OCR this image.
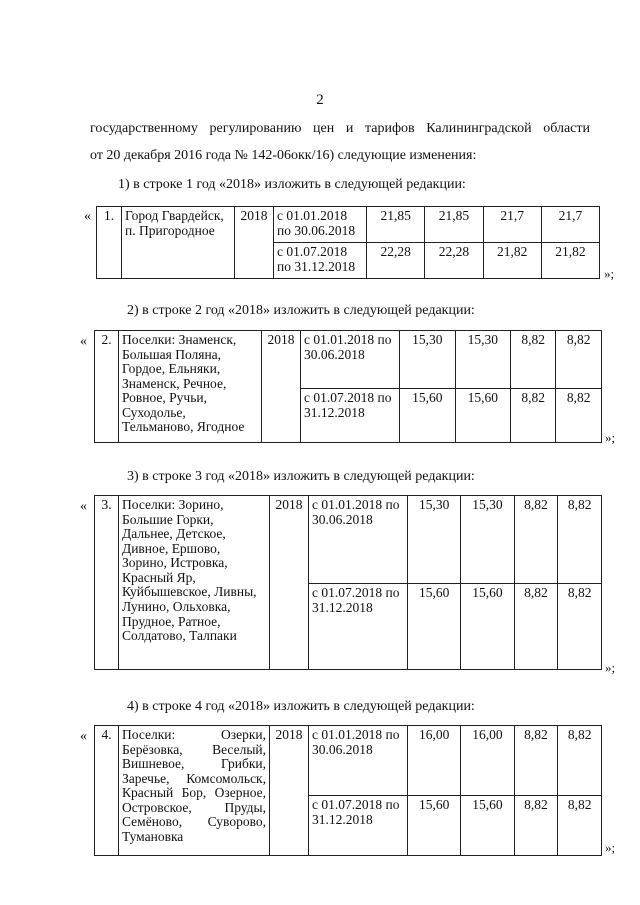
2
государственному регулированию цен и тарифов Калининградской области
от 20 декабря 2016 года № 142-06окк/16) следующие изменения:
1) в строке 1 год «2018» изложить в следующей редакции:
« 1.	Город Гвардейск, п. Пригородное	2018	с 01.01.2018 по 30.06.2018	21,85	21,85	21,7	21,7
			с 01.07.2018 по 31.12.2018	22,28	22,28	21,82	21,82
»;
2) в строке 2 год «2018» изложить в следующей редакции:
« 2.	Поселки: Знаменск, Большая Поляна, Гордое, Ельняки, Знаменск, Речное, Ровное, Ручьи, Суходолье, Тельманово, Ягодное	2018	с 01.01.2018 по 30.06.2018	15,30	15,30	8,82	8,82
			с 01.07.2018 по 31.12.2018	15,60	15,60	8,82	8,82
»;
3) в строке 3 год «2018» изложить в следующей редакции:
« 3.	Поселки: Зорино, Большие Горки, Дальнее, Детское, Дивное, Ершово, Зорино, Истровка, Красный Яр, Куйбышевское, Ливны, Лунино, Ольховка, Прудное, Ратное, Солдатово, Талпаки	2018	с 01.01.2018 по 30.06.2018	15,30	15,30	8,82	8,82
			с 01.07.2018 по 31.12.2018	15,60	15,60	8,82	8,82
»;
4) в строке 4 год «2018» изложить в следующей редакции:
« 4.	Поселки: Озерки, Берёзовка, Веселый, Вишневое, Грибки, Заречье, Комсомольск, Красный Бор, Озерное, Островское, Пруды, Семёново, Суворово, Тумановка	2018	с 01.01.2018 по 30.06.2018	16,00	16,00	8,82	8,82
			с 01.07.2018 по 31.12.2018	15,60	15,60	8,82	8,82
»;
